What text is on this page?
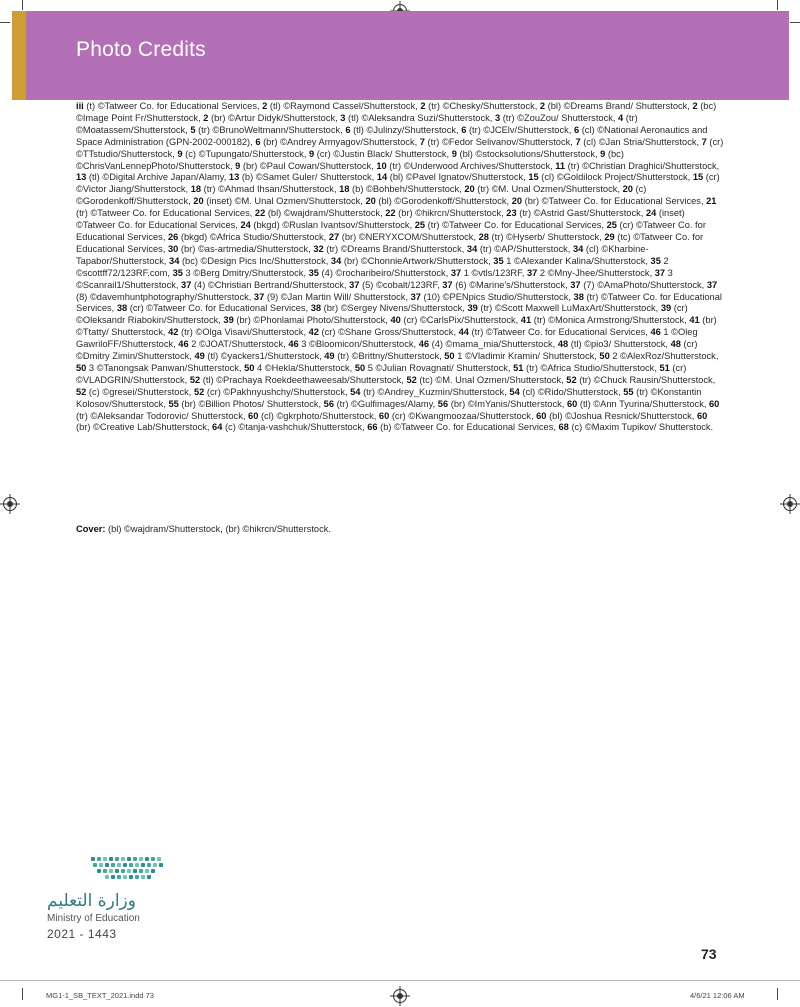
Photo Credits
iii (t) ©Tatweer Co. for Educational Services, 2 (tl) ©Raymond Cassel/Shutterstock, 2 (tr) ©Chesky/Shutterstock, 2 (bl) ©Dreams Brand/ Shutterstock, 2 (bc) ©Image Point Fr/Shutterstock, 2 (br) ©Artur Didyk/Shutterstock, 3 (tl) ©Aleksandra Suzi/Shutterstock, 3 (tr) ©ZouZou/ Shutterstock, 4 (tr) ©Moatassem/Shutterstock, 5 (tr) ©BrunoWeltmann/Shutterstock, 6 (tl) ©Julinzy/Shutterstock, 6 (tr) ©JCElv/Shutterstock, 6 (cl) ©National Aeronautics and Space Administration (GPN-2002-000182), 6 (br) ©Andrey Armyagov/Shutterstock, 7 (tr) ©Fedor Selivanov/Shutterstock, 7 (cl) ©Jan Stria/Shutterstock, 7 (cr) ©TTstudio/Shutterstock, 9 (c) ©Tupungato/Shutterstock, 9 (cr) ©Justin Black/ Shutterstock, 9 (bl) ©stocksolutions/Shutterstock, 9 (bc) ©ChrisVanLennepPhoto/Shutterstock, 9 (br) ©Paul Cowan/Shutterstock, 10 (tr) ©Underwood Archives/Shutterstock, 11 (tr) ©Christian Draghici/Shutterstock, 13 (tl) ©Digital Archive Japan/Alamy, 13 (b) ©Samet Guler/ Shutterstock, 14 (bl) ©Pavel Ignatov/Shutterstock, 15 (cl) ©Goldilock Project/Shutterstock, 15 (cr) ©Victor Jiang/Shutterstock, 18 (tr) ©Ahmad Ihsan/Shutterstock, 18 (b) ©Bohbeh/Shutterstock, 20 (tr) ©M. Unal Ozmen/Shutterstock, 20 (c) ©Gorodenkoff/Shutterstock, 20 (inset) ©M. Unal Ozmen/Shutterstock, 20 (bl) ©Gorodenkoff/Shutterstock, 20 (br) ©Tatweer Co. for Educational Services, 21 (tr) ©Tatweer Co. for Educational Services, 22 (bl) ©wajdram/Shutterstock, 22 (br) ©hikrcn/Shutterstock, 23 (tr) ©Astrid Gast/Shutterstock, 24 (inset) ©Tatweer Co. for Educational Services, 24 (bkgd) ©Ruslan Ivantsov/Shutterstock, 25 (tr) ©Tatweer Co. for Educational Services, 25 (cr) ©Tatweer Co. for Educational Services, 26 (bkgd) ©Africa Studio/Shutterstock, 27 (br) ©NERYXCOM/Shutterstock, 28 (tr) ©Hyserb/ Shutterstock, 29 (tc) ©Tatweer Co. for Educational Services, 30 (br) ©as-artmedia/Shutterstock, 32 (tr) ©Dreams Brand/Shutterstock, 34 (tr) ©AP/Shutterstock, 34 (cl) ©Kharbine-Tapabor/Shutterstock, 34 (bc) ©Design Pics Inc/Shutterstock, 34 (br) ©ChonnieArtwork/Shutterstock, 35 1 ©Alexander Kalina/Shutterstock, 35 2 ©scottff72/123RF.com, 35 3 ©Berg Dmitry/Shutterstock, 35 (4) ©rocharibeiro/Shutterstock, 37 1 ©vtls/123RF, 37 2 ©Mny-Jhee/Shutterstock, 37 3 ©Scanrail1/Shutterstock, 37 (4) ©Christian Bertrand/Shutterstock, 37 (5) ©cobalt/123RF, 37 (6) ©Marine's/Shutterstock, 37 (7) ©AmaPhoto/Shutterstock, 37 (8) ©davemhuntphotography/Shutterstock, 37 (9) ©Jan Martin Will/ Shutterstock, 37 (10) ©PENpics Studio/Shutterstock, 38 (tr) ©Tatweer Co. for Educational Services, 38 (cr) ©Tatweer Co. for Educational Services, 38 (br) ©Sergey Nivens/Shutterstock, 39 (tr) ©Scott Maxwell LuMaxArt/Shutterstock, 39 (cr) ©Oleksandr Riabokin/Shutterstock, 39 (br) ©Phonlamai Photo/Shutterstock, 40 (cr) ©CarlsPix/Shutterstock, 41 (tr) ©Monica Armstrong/Shutterstock, 41 (br) ©Ttatty/ Shutterstock, 42 (tr) ©Olga Visavi/Shutterstock, 42 (cr) ©Shane Gross/Shutterstock, 44 (tr) ©Tatweer Co. for Educational Services, 46 1 ©Oleg GawriloFF/Shutterstock, 46 2 ©JOAT/Shutterstock, 46 3 ©Bloomicon/Shutterstock, 46 (4) ©mama_mia/Shutterstock, 48 (tl) ©pio3/ Shutterstock, 48 (cr) ©Dmitry Zimin/Shutterstock, 49 (tl) ©yackers1/Shutterstock, 49 (tr) ©Brittny/Shutterstock, 50 1 ©Vladimir Kramin/ Shutterstock, 50 2 ©AlexRoz/Shutterstock, 50 3 ©Tanongsak Panwan/Shutterstock, 50 4 ©Hekla/Shutterstock, 50 5 ©Julian Rovagnati/ Shutterstock, 51 (tr) ©Africa Studio/Shutterstock, 51 (cr) ©VLADGRIN/Shutterstock, 52 (tl) ©Prachaya Roekdeethaweesab/Shutterstock, 52 (tc) ©M. Unal Ozmen/Shutterstock, 52 (tr) ©Chuck Rausin/Shutterstock, 52 (c) ©gresei/Shutterstock, 52 (cr) ©Pakhnyushchy/Shutterstock, 54 (tr) ©Andrey_Kuzmin/Shutterstock, 54 (cl) ©Rido/Shutterstock, 55 (tr) ©Konstantin Kolosov/Shutterstock, 55 (br) ©Billion Photos/ Shutterstock, 56 (tr) ©Gulfimages/Alamy, 56 (br) ©ImYanis/Shutterstock, 60 (tl) ©Ann Tyurina/Shutterstock, 60 (tr) ©Aleksandar Todorovic/ Shutterstock, 60 (cl) ©gkrphoto/Shutterstock, 60 (cr) ©Kwangmoozaa/Shutterstock, 60 (bl) ©Joshua Resnick/Shutterstock, 60 (br) ©Creative Lab/Shutterstock, 64 (c) ©tanja-vashchuk/Shutterstock, 66 (b) ©Tatweer Co. for Educational Services, 68 (c) ©Maxim Tupikov/ Shutterstock.
Cover: (bl) ©wajdram/Shutterstock, (br) ©hikrcn/Shutterstock.
وزارة التعليم
Ministry of Education
2021 - 1443
73
MG1-1_SB_TEXT_2021.indd 73	4/6/21 12:06 AM
